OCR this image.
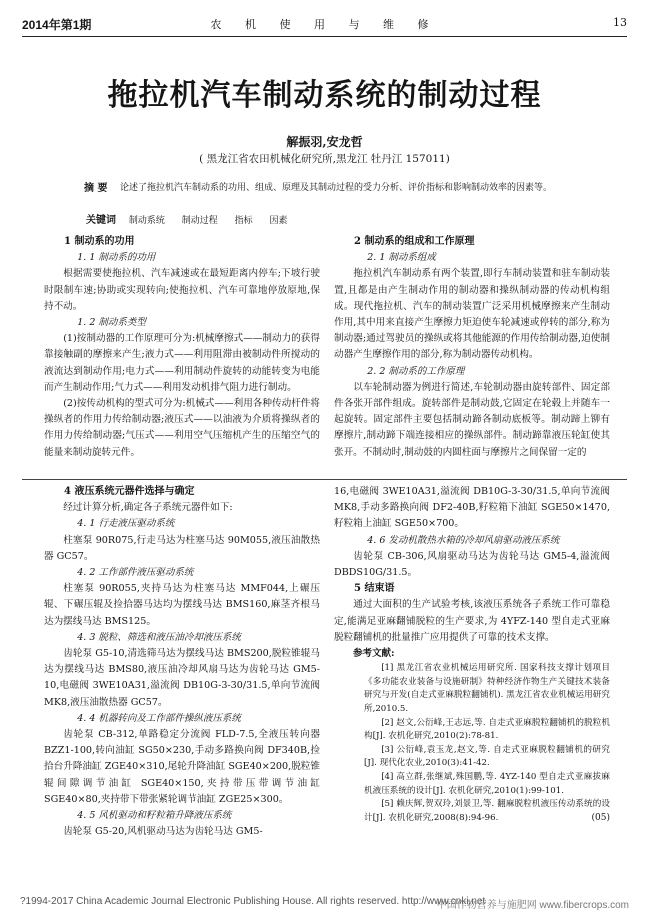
2014年第1期	农 机 使 用 与 维 修	13
拖拉机汽车制动系统的制动过程
解振羽,安龙哲
( 黑龙江省农田机械化研究所,黑龙江 牡丹江 157011)
摘 要	论述了拖拉机汽车制动系的功用、组成、原理及其制动过程的受力分析、评价指标和影响制动效率的因素等。
关键词 制动系统 制动过程 指标 因素

1 制动系的功用

1. 1 制动系的功用

根据需要使拖拉机、汽车减速或在最短距离内停车;下坡行驶时限制车速;协助或实现转向;使拖拉机、汽车可靠地停放原地,保持不动。

1. 2 制动系类型

(1)按制动器的工作原理可分为:机械摩擦式——制动力的获得靠接触副的摩擦来产生;液力式——利用阻滞由被制动件所搅动的液流达到制动作用;电力式——利用制动件旋转的动能转变为电能而产生制动作用;气力式——利用发动机排气阻力进行制动。

(2)按传动机构的型式可分为:机械式——利用各种传动杆件将操纵者的作用力传给制动器;液压式——以油液为介质将操纵者的作用力传给制动器;气压式——利用空气压缩机产生的压缩空气的能量来制动旋转元件。

2 制动系的组成和工作原理

2. 1 制动系组成

拖拉机汽车制动系有两个装置,即行车制动装置和驻车制动装置,且都是由产生制动作用的制动器和操纵制动器的传动机构组成。现代拖拉机、汽车的制动装置广泛采用机械摩擦来产生制动作用,其中用来直接产生摩擦力矩迫使车轮减速或停转的部分,称为制动器;通过驾驶员的操纵或将其他能源的作用传给制动器,迫使制动器产生摩擦作用的部分,称为制动器传动机构。

2. 2 制动系的工作原理

以车轮制动器为例进行简述,车轮制动器由旋转部件、固定部件各张开部件组成。旋转部件是制动鼓,它固定在轮毂上并随车一起旋转。固定部件主要包括制动蹄各制动底板等。制动蹄上铆有摩擦片,制动蹄下端连接相应的操纵部件。制动蹄靠液压轮缸使其张开。不制动时,制动鼓的内圆柱面与摩擦片之间保留一定的

4 液压系统元器件选择与确定

经过计算分析,确定各子系统元器件如下:

4. 1 行走液压驱动系统

柱塞泵 90R075,行走马达为柱塞马达 90M055,液压油散热器 GC57。

4. 2 工作部件液压驱动系统

柱塞泵 90R055,夹持马达为柱塞马达 MMF044,上碾压辊、下碾压辊及捡拾器马达均为摆线马达 BMS160,麻茎齐根马达为摆线马达 BMS125。

4. 3 脱粒、筛选和液压油冷却液压系统

齿轮泵 G5-10,清选筛马达为摆线马达 BMS200,脱粒锥辊马达为摆线马达 BMS80,液压油冷却风扇马达为齿轮马达 GM5-10,电磁阀 3WE10A31,溢流阀 DB10G-3-30/31.5,单向节流阀 MK8,液压油散热器 GC57。

4. 4 机器转向及工作部件操纵液压系统

齿轮泵 CB-312,单路稳定分流阀 FLD-7.5,全液压转向器 BZZ1-100,转向油缸 SG50×230,手动多路换向阀 DF340B,捡拾台升降油缸 ZGE40×310,尾轮升降油缸 SGE40×200,脱粒锥辊间隙调节油缸 SGE40×150,夹持带压带调节油缸 SGE40×80,夹持带下带张紧轮调节油缸 ZGE25×300。

4. 5 风机驱动和籽粒箱升降液压系统

齿轮泵 G5-20,风机驱动马达为齿轮马达 GM5-

16,电磁阀 3WE10A31,溢流阀 DB10G-3-30/31.5,单向节流阀 MK8,手动多路换向阀 DF2-40B,籽粒箱下油缸 SGE50×1470,籽粒箱上油缸 SGE50×700。

4. 6 发动机散热水箱的冷却风扇驱动液压系统

齿轮泵 CB-306,风扇驱动马达为齿轮马达 GM5-4,溢流阀 DBDS10G/31.5。

5 结束语

通过大面积的生产试验考核,该液压系统各子系统工作可靠稳定,能满足亚麻翻铺脱粒的生产要求,为 4YFZ-140 型自走式亚麻脱粒翻铺机的批量推广应用提供了可靠的技术支撑。

参考文献:

[1] 黑龙江省农业机械运用研究所. 国家科技支撑计划项目《多功能农业装备与设施研制》特种经济作物生产关键技术装备研究与开发(自走式亚麻脱粒翻铺机). 黑龙江省农业机械运用研究所,2010.5.

[2] 赵文,公衍峰,王志远,等. 自走式亚麻脱粒翻铺机的脱粒机构[J]. 农机化研究,2010(2):78-81.

[3] 公衍峰,袁玉龙,赵文,等. 自走式亚麻脱粒翻铺机的研究[J]. 现代化农业,2010(3):41-42.

[4] 高立群,张继斌,殊国鹏,等. 4YZ-140 型自走式亚麻拔麻机液压系统的设计[J]. 农机化研究,2010(1):99-101.

[5] 赖庆辉,贺双玲,刘景卫,等. 翻麻脱粒机液压传动系统的设计[J]. 农机化研究,2008(8):94-96.	(05)

?1994-2017 China Academic Journal Electronic Publishing House. All rights reserved. http://www.cnki.net
中国作物营养与施肥网 www.fibercrops.com
